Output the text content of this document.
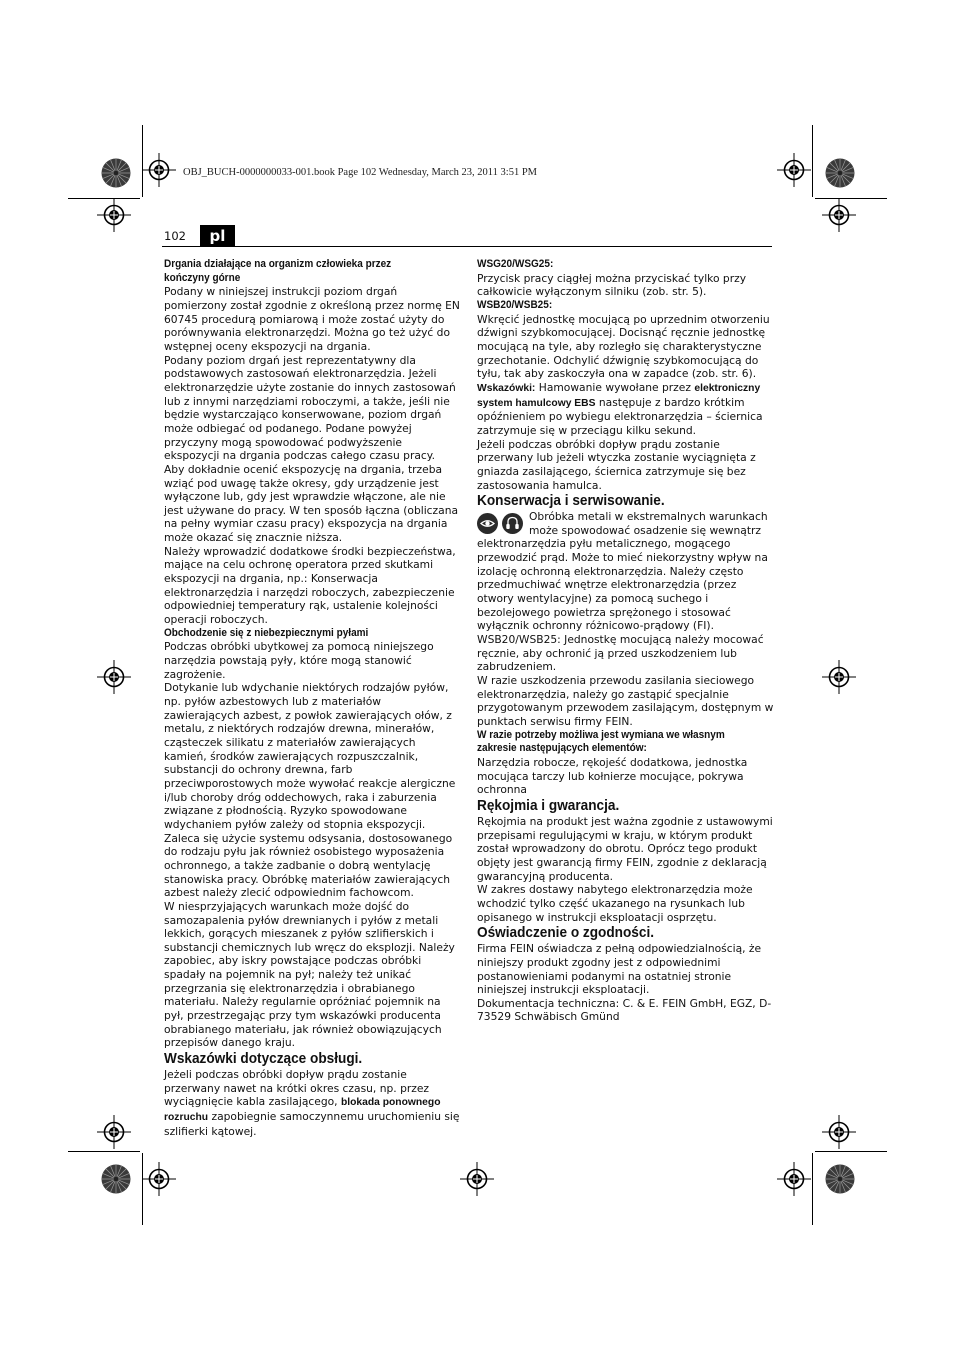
OBJ_BUCH-0000000033-001.book Page 102 Wednesday, March 23, 2011 3:51 PM
102	pl

Drgania działające na organizm człowieka przez kończyny górne

Podany w niniejszej instrukcji poziom drgań pomierzony został zgodnie z określoną przez normę EN 60745 procedurą pomiarową i może zostać użyty do porównywania elektronarzędzi. Można go też użyć do wstępnej oceny ekspozycji na drgania.

Podany poziom drgań jest reprezentatywny dla podstawowych zastosowań elektronarzędzia. Jeżeli elektronarzędzie użyte zostanie do innych zastosowań lub z innymi narzędziami roboczymi, a także, jeśli nie będzie wystarczająco konserwowane, poziom drgań może odbiegać od podanego. Podane powyżej przyczyny mogą spowodować podwyższenie ekspozycji na drgania podczas całego czasu pracy.

Aby dokładnie ocenić ekspozycję na drgania, trzeba wziąć pod uwagę także okresy, gdy urządzenie jest wyłączone lub, gdy jest wprawdzie włączone, ale nie jest używane do pracy. W ten sposób łączna (obliczana na pełny wymiar czasu pracy) ekspozycja na drgania może okazać się znacznie niższa.

Należy wprowadzić dodatkowe środki bezpieczeństwa, mające na celu ochronę operatora przed skutkami ekspozycji na drgania, np.: Konserwacja elektronarzędzia i narzędzi roboczych, zabezpieczenie odpowiedniej temperatury rąk, ustalenie kolejności operacji roboczych.

Obchodzenie się z niebezpiecznymi pyłami

Podczas obróbki ubytkowej za pomocą niniejszego narzędzia powstają pyły, które mogą stanowić zagrożenie.

Dotykanie lub wdychanie niektórych rodzajów pyłów, np. pyłów azbestowych lub z materiałów zawierających azbest, z powłok zawierających ołów, z metalu, z niektórych rodzajów drewna, minerałów, cząsteczek silikatu z materiałów zawierających kamień, środków zawierających rozpuszczalnik, substancji do ochrony drewna, farb przeciwporostowych może wywołać reakcje alergiczne i/lub choroby dróg oddechowych, raka i zaburzenia związane z płodnością. Ryzyko spowodowane wdychaniem pyłów zależy od stopnia ekspozycji. Zaleca się użycie systemu odsysania, dostosowanego do rodzaju pyłu jak również osobistego wyposażenia ochronnego, a także zadbanie o dobrą wentylację stanowiska pracy. Obróbkę materiałów zawierających azbest należy zlecić odpowiednim fachowcom.

W niesprzyjających warunkach może dojść do samozapalenia pyłów drewnianych i pyłów z metali lekkich, gorących mieszanek z pyłów szlifierskich i substancji chemicznych lub wręcz do eksplozji. Należy zapobiec, aby iskry powstające podczas obróbki spadały na pojemnik na pył; należy też unikać przegrzania się elektronarzędzia i obrabianego materiału. Należy regularnie opróżniać pojemnik na pył, przestrzegając przy tym wskazówki producenta obrabianego materiału, jak również obowiązujących przepisów danego kraju.

Wskazówki dotyczące obsługi.

Jeżeli podczas obróbki dopływ prądu zostanie przerwany nawet na krótki okres czasu, np. przez wyciągnięcie kabla zasilającego, blokada ponownego rozruchu zapobiegnie samoczynnemu uruchomieniu się szlifierki kątowej.

WSG20/WSG25:

Przycisk pracy ciągłej można przyciskać tylko przy całkowicie wyłączonym silniku (zob. str. 5).

WSB20/WSB25:

Wkręcić jednostkę mocującą po uprzednim otworzeniu dźwigni szybkomocującej. Docisnąć ręcznie jednostkę mocującą na tyle, aby rozległo się charakterystyczne grzechotanie. Odchylić dźwignię szybkomocującą do tyłu, tak aby zaskoczyła ona w zapadce (zob. str. 6).

Wskazówki: Hamowanie wywołane przez elektroniczny system hamulcowy EBS następuje z bardzo krótkim opóźnieniem po wybiegu elektronarzędzia – ściernica zatrzymuje się w przeciągu kilku sekund.

Jeżeli podczas obróbki dopływ prądu zostanie przerwany lub jeżeli wtyczka zostanie wyciągnięta z gniazda zasilającego, ściernica zatrzymuje się bez zastosowania hamulca.

Konserwacja i serwisowanie.

Obróbka metali w ekstremalnych warunkach może spowodować osadzenie się wewnątrz elektronarzędzia pyłu metalicznego, mogącego przewodzić prąd. Może to mieć niekorzystny wpływ na izolację ochronną elektronarzędzia. Należy często przedmuchiwać wnętrze elektronarzędzia (przez otwory wentylacyjne) za pomocą suchego i bezolejowego powietrza sprężonego i stosować wyłącznik ochronny różnicowo-prądowy (FI).

WSB20/WSB25: Jednostkę mocującą należy mocować ręcznie, aby ochronić ją przed uszkodzeniem lub zabrudzeniem.

W razie uszkodzenia przewodu zasilania sieciowego elektronarzędzia, należy go zastąpić specjalnie przygotowanym przewodem zasilającym, dostępnym w punktach serwisu firmy FEIN.

W razie potrzeby możliwa jest wymiana we własnym zakresie następujących elementów:

Narzędzia robocze, rękojeść dodatkowa, jednostka mocująca tarczy lub kołnierze mocujące, pokrywa ochronna

Rękojmia i gwarancja.

Rękojmia na produkt jest ważna zgodnie z ustawowymi przepisami regulującymi w kraju, w którym produkt został wprowadzony do obrotu. Oprócz tego produkt objęty jest gwarancją firmy FEIN, zgodnie z deklaracją gwarancyjną producenta.

W zakres dostawy nabytego elektronarzędzia może wchodzić tylko część ukazanego na rysunkach lub opisanego w instrukcji eksploatacji osprzętu.

Oświadczenie o zgodności.

Firma FEIN oświadcza z pełną odpowiedzialnością, że niniejszy produkt zgodny jest z odpowiednimi postanowieniami podanymi na ostatniej stronie niniejszej instrukcji eksploatacji.

Dokumentacja techniczna: C. & E. FEIN GmbH, EGZ, D-73529 Schwäbisch Gmünd
